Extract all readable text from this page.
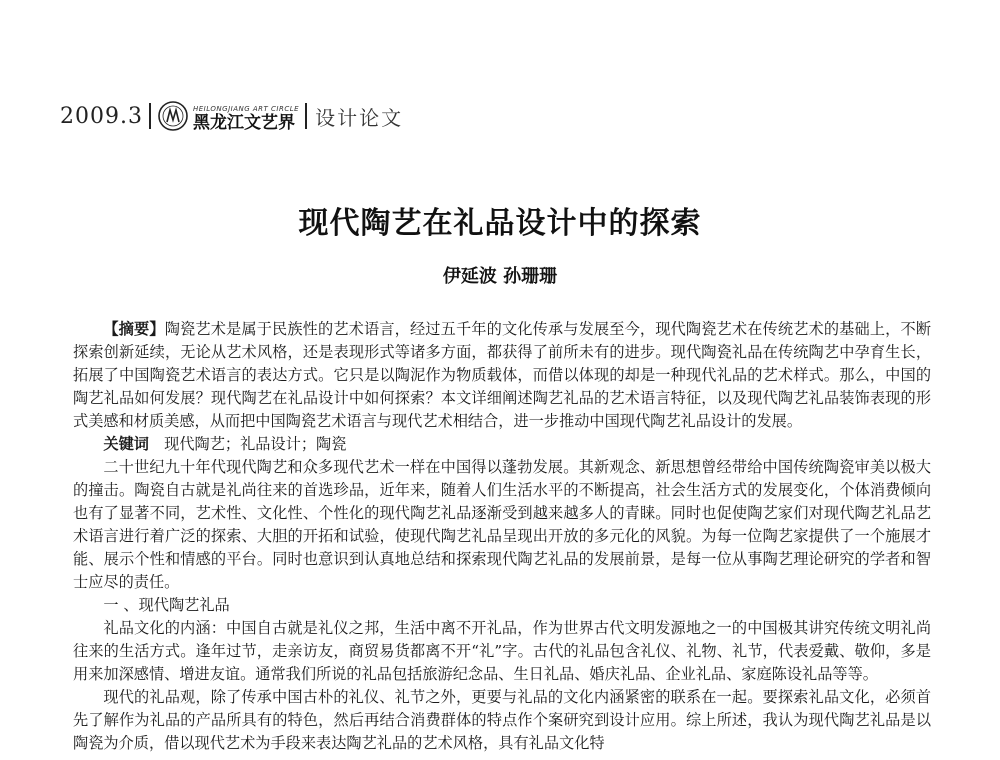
2009.3	HEILONGJIANG ART CIRCLE
黑龙江文艺界 设计论文
现代陶艺在礼品设计中的探索
伊延波 孙珊珊

【摘要】陶瓷艺术是属于民族性的艺术语言，经过五千年的文化传承与发展至今，现代陶瓷艺术在传统艺术的基础上，不断探索创新延续，无论从艺术风格，还是表现形式等诸多方面，都获得了前所未有的进步。现代陶瓷礼品在传统陶艺中孕育生长，拓展了中国陶瓷艺术语言的表达方式。它只是以陶泥作为物质载体，而借以体现的却是一种现代礼品的艺术样式。那么，中国的陶艺礼品如何发展？现代陶艺在礼品设计中如何探索？本文详细阐述陶艺礼品的艺术语言特征，以及现代陶艺礼品装饰表现的形式美感和材质美感，从而把中国陶瓷艺术语言与现代艺术相结合，进一步推动中国现代陶艺礼品设计的发展。

关键词　 现代陶艺；礼品设计；陶瓷

二十世纪九十年代现代陶艺和众多现代艺术一样在中国得以蓬勃发展。其新观念、新思想曾经带给中国传统陶瓷审美以极大的撞击。陶瓷自古就是礼尚往来的首选珍品，近年来，随着人们生活水平的不断提高，社会生活方式的发展变化，个体消费倾向也有了显著不同，艺术性、文化性、个性化的现代陶艺礼品逐渐受到越来越多人的青睐。同时也促使陶艺家们对现代陶艺礼品艺术语言进行着广泛的探索、大胆的开拓和试验，使现代陶艺礼品呈现出开放的多元化的风貌。为每一位陶艺家提供了一个施展才能、展示个性和情感的平台。同时也意识到认真地总结和探索现代陶艺礼品的发展前景，是每一位从事陶艺理论研究的学者和智士应尽的责任。

一 、现代陶艺礼品

礼品文化的内涵：中国自古就是礼仪之邦，生活中离不开礼品，作为世界古代文明发源地之一的中国极其讲究传统文明礼尚往来的生活方式。逢年过节，走亲访友，商贸易货都离不开“礼”字。古代的礼品包含礼仪、礼物、礼节，代表爱戴、敬仰，多是用来加深感情、增进友谊。通常我们所说的礼品包括旅游纪念品、生日礼品、婚庆礼品、企业礼品、家庭陈设礼品等等。

现代的礼品观，除了传承中国古朴的礼仪、礼节之外，更要与礼品的文化内涵紧密的联系在一起。要探索礼品文化，必须首先了解作为礼品的产品所具有的特色，然后再结合消费群体的特点作个案研究到设计应用。综上所述，我认为现代陶艺礼品是以陶瓷为介质，借以现代艺术为手段来表达陶艺礼品的艺术风格，具有礼品文化特
